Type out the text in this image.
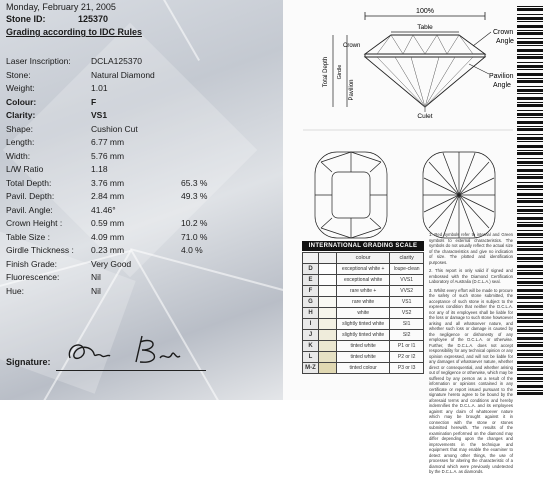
Monday, February 21, 2005
Stone ID:	125370
Grading according to IDC Rules
Laser Inscription: DCLA125370
Stone:	Natural Diamond
Weight:	1.01
Colour:	F
Clarity:	VS1
Shape:	Cushion Cut
Length:	6.77 mm
Width:	5.76 mm
L/W Ratio	1.18
Total Depth:	3.76 mm	65.3 %
Pavil. Depth:	2.84 mm	49.3 %
Pavil. Angle:	41.46°
Crown Height :	0.59 mm	10.2 %
Table Size :	4.09 mm	71.0 %
Girdle Thickness : 0.23 mm	4.0 %
Finish Grade:	Very Good
Fluorescence:	Nil
Hue:	Nil
Signature:
100%
Table
Total Depth
Crown
Girdle
Pavilion
Crown
Angle
Pavilion
Angle
Culet
INTERNATIONAL GRADING SCALE
		colour	clarity
D		exceptional white +	loupe-clean
E		exceptional white	VVS1
F		rare white +	VVS2
G		rare white	VS1
H		white	VS2
I		slightly tinted white	SI1
J		slightly tinted white	SI2
K		tinted white	P1 or I1
L		tinted white	P2 or I2
M-Z		tinted colour	P3 or I3

1. Red symbols refer to internal and Green symbols to external characteristics. The symbols do not usually reflect the actual size of the characteristics and give no indication of size. The plotted and identification purposes.

2. This report is only valid if signed and embossed with the Diamond Certification Laboratory of Australia (D.C.L.A.) seal.

3. Whilst every effort will be made to procure the safety of such stone submitted, the acceptance of such stone is subject to the express condition that neither the D.C.L.A. nor any of its employees shall be liable for the loss or damage to such stone howsoever arising and all whatsoever nature, and whether such loss or damage is caused by the negligence or dishonesty of any employee of the D.C.L.A. or otherwise. Further, the D.C.L.A. does not accept responsibility for any technical opinion or any opinion expressed, and will not be liable for any damages of whatsoever nature, whether direct or consequential, and whether arising out of negligence or otherwise, which may be suffered by any person as a result of the information or opinions contained in any certificate or report issued pursuant to the signature hereto agree to be bound by the aforesaid terms and conditions and hereby indemnifies the D.C.L.A. and its employees against any claim of whatsoever nature which may be brought against it in connection with the stone or stones submitted herewith. The results of the examination performed on the diamond may differ depending upon the changes and improvements in the technique and equipment that may enable the examiner to detect among other things, the use of processes for altering the characteristic of a diamond which were previously undetected by the D.C.L.A. as diamonds.
